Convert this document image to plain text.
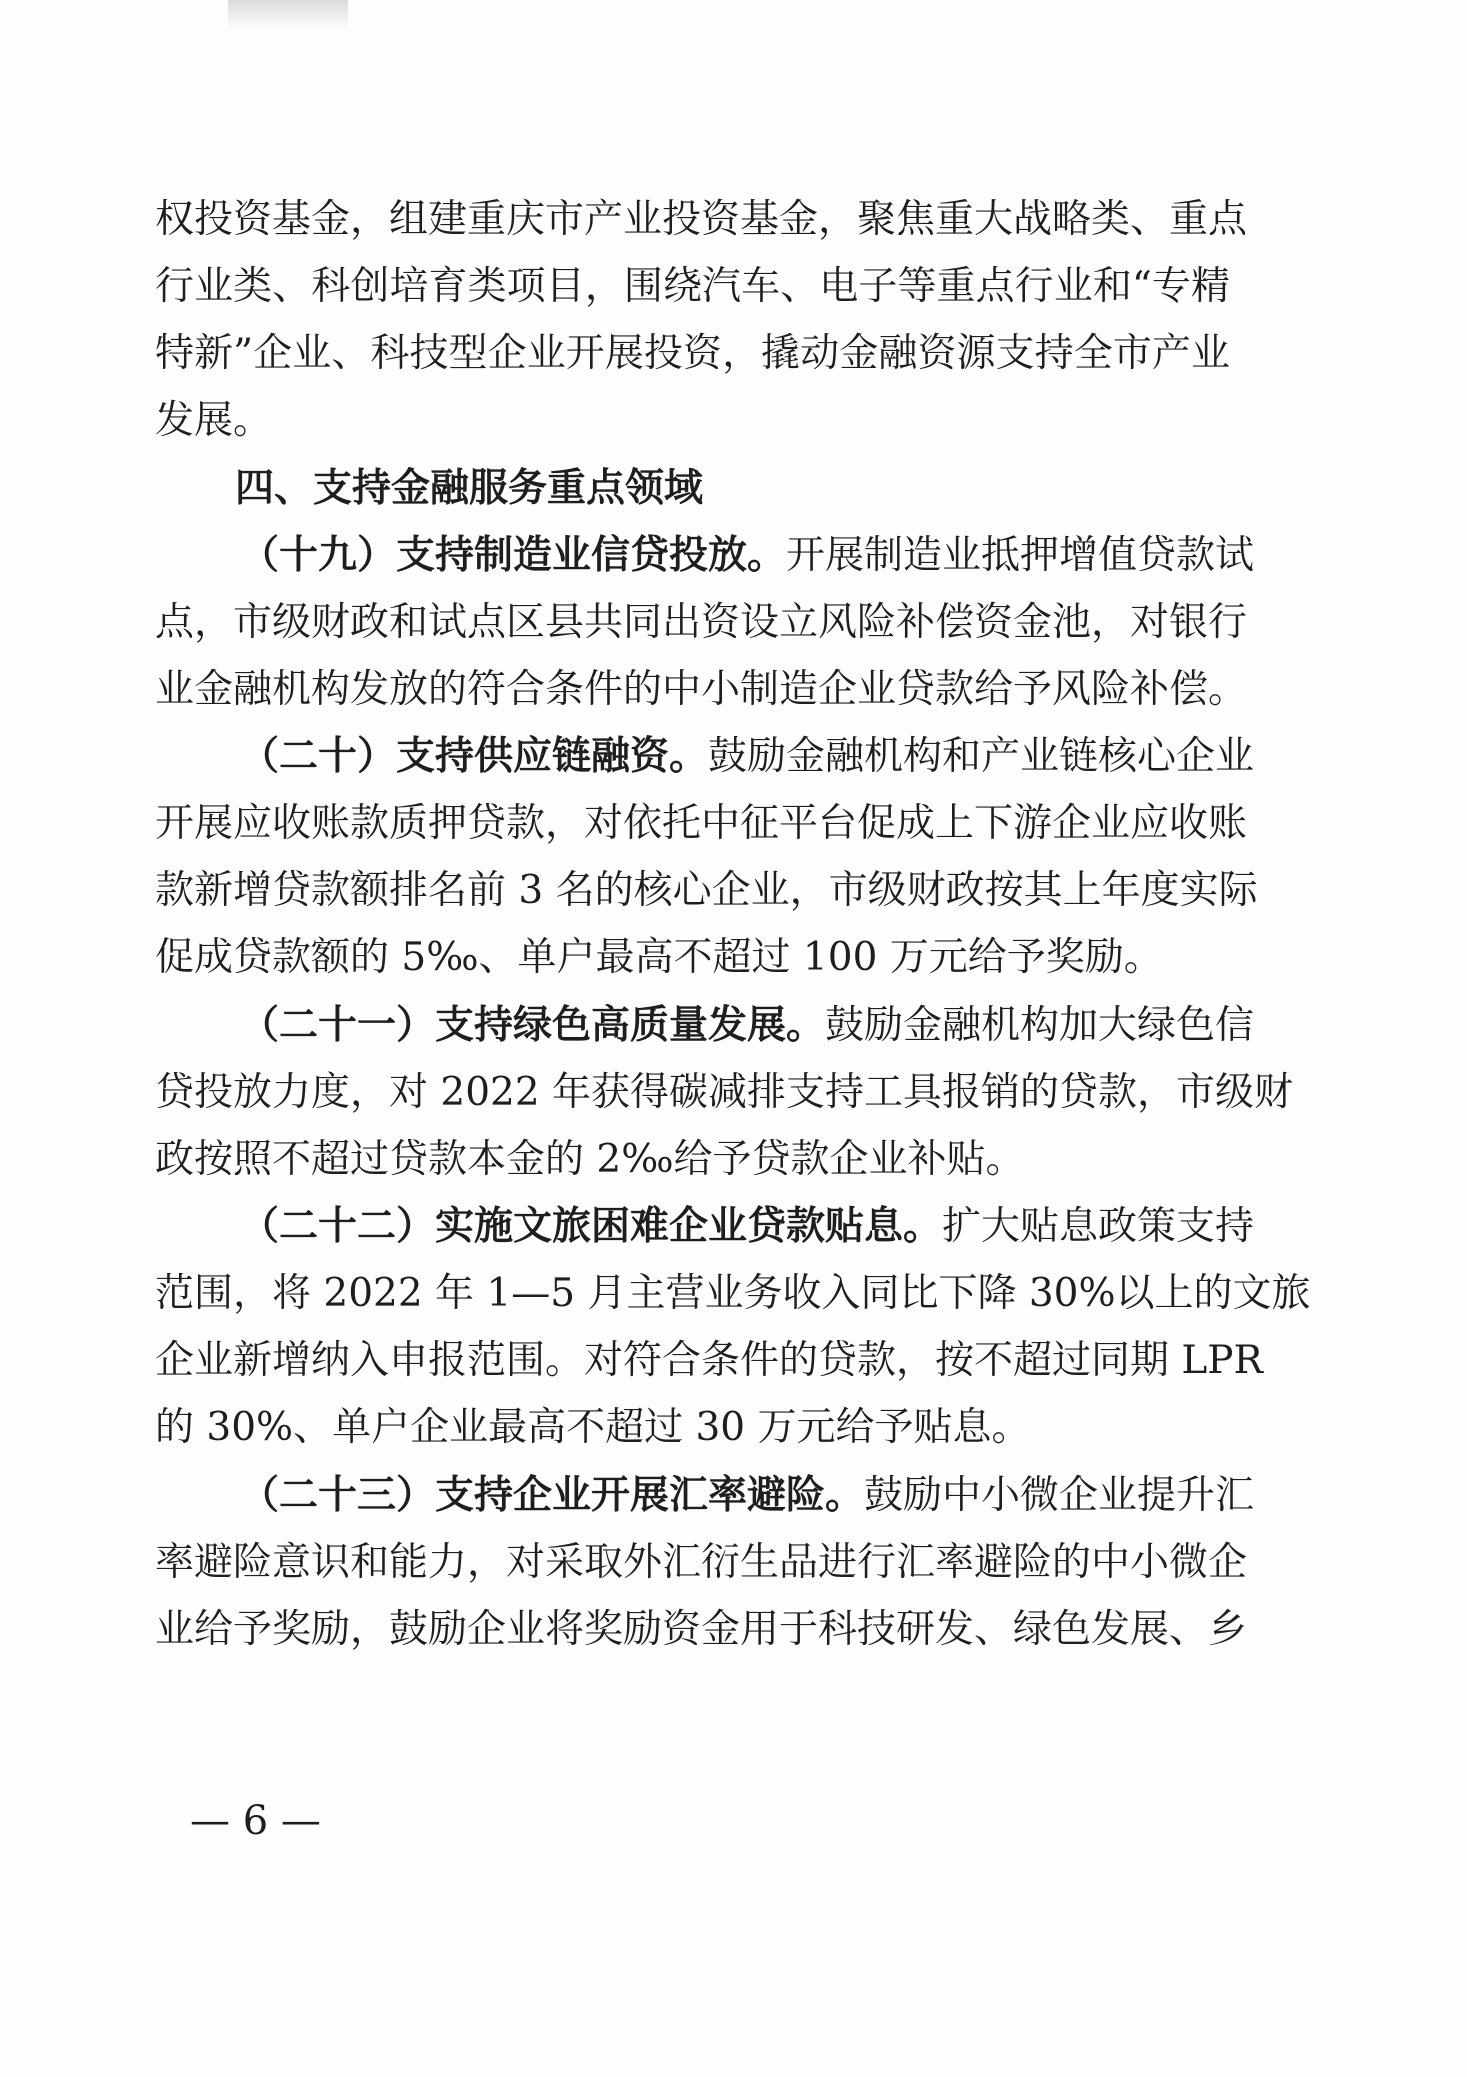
权投资基金，组建重庆市产业投资基金，聚焦重大战略类、重点
行业类、科创培育类项目，围绕汽车、电子等重点行业和“专精
特新”企业、科技型企业开展投资，撬动金融资源支持全市产业
发展。
四、支持金融服务重点领域
（十九）支持制造业信贷投放。开展制造业抵押增值贷款试
点，市级财政和试点区县共同出资设立风险补偿资金池，对银行
业金融机构发放的符合条件的中小制造企业贷款给予风险补偿。
（二十）支持供应链融资。鼓励金融机构和产业链核心企业
开展应收账款质押贷款，对依托中征平台促成上下游企业应收账
款新增贷款额排名前 3 名的核心企业，市级财政按其上年度实际
促成贷款额的 5‰、单户最高不超过 100 万元给予奖励。
（二十一）支持绿色高质量发展。鼓励金融机构加大绿色信
贷投放力度，对 2022 年获得碳减排支持工具报销的贷款，市级财
政按照不超过贷款本金的 2‰给予贷款企业补贴。
（二十二）实施文旅困难企业贷款贴息。扩大贴息政策支持
范围，将 2022 年 1—5 月主营业务收入同比下降 30%以上的文旅
企业新增纳入申报范围。对符合条件的贷款，按不超过同期 LPR
的 30%、单户企业最高不超过 30 万元给予贴息。
（二十三）支持企业开展汇率避险。鼓励中小微企业提升汇
率避险意识和能力，对采取外汇衍生品进行汇率避险的中小微企
业给予奖励，鼓励企业将奖励资金用于科技研发、绿色发展、乡
— 6 —
